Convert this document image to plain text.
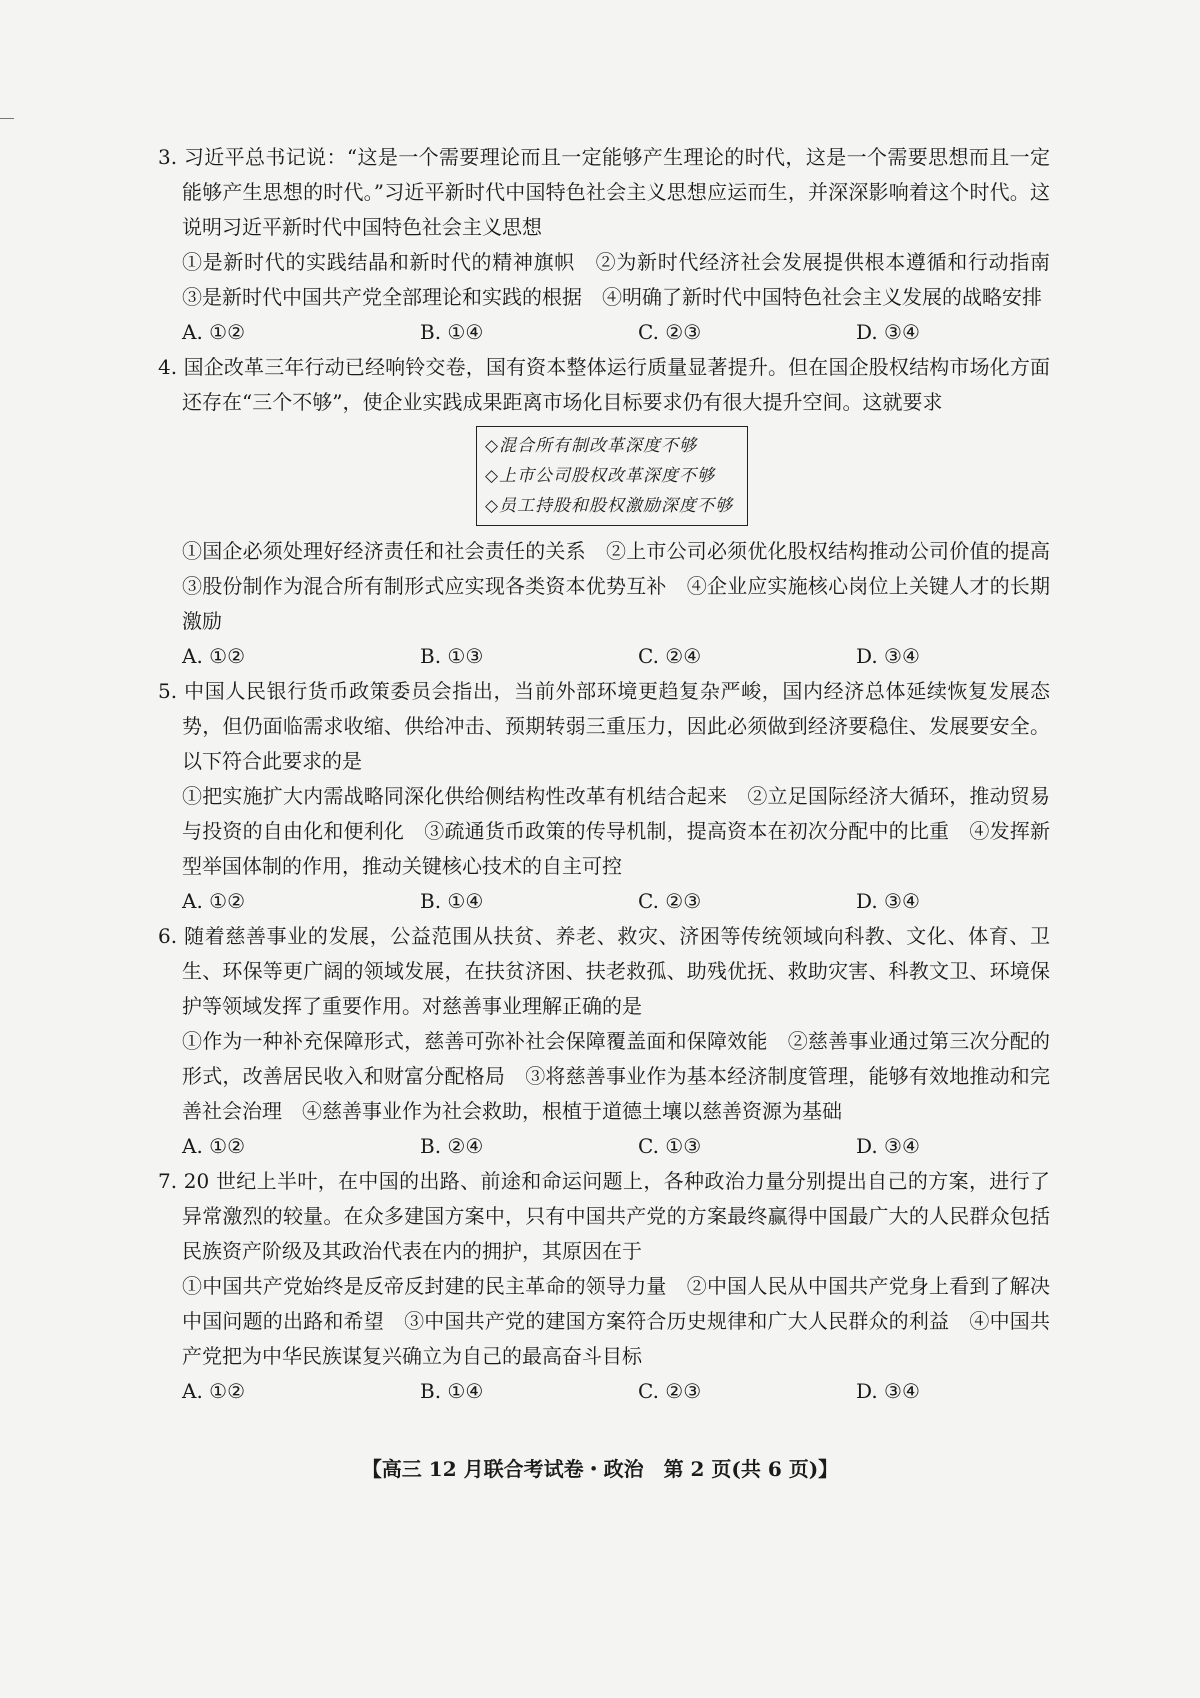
3. 习近平总书记说：“这是一个需要理论而且一定能够产生理论的时代，这是一个需要思想而且一定能够产生思想的时代。”习近平新时代中国特色社会主义思想应运而生，并深深影响着这个时代。这说明习近平新时代中国特色社会主义思想
①是新时代的实践结晶和新时代的精神旗帜　②为新时代经济社会发展提供根本遵循和行动指南　③是新时代中国共产党全部理论和实践的根据　④明确了新时代中国特色社会主义发展的战略安排
A. ①②	B. ①④	C. ②③	D. ③④
4. 国企改革三年行动已经响铃交卷，国有资本整体运行质量显著提升。但在国企股权结构市场化方面还存在“三个不够”，使企业实践成果距离市场化目标要求仍有很大提升空间。这就要求
◇混合所有制改革深度不够
◇上市公司股权改革深度不够
◇员工持股和股权激励深度不够
①国企必须处理好经济责任和社会责任的关系　②上市公司必须优化股权结构推动公司价值的提高　③股份制作为混合所有制形式应实现各类资本优势互补　④企业应实施核心岗位上关键人才的长期激励
A. ①②	B. ①③	C. ②④	D. ③④
5. 中国人民银行货币政策委员会指出，当前外部环境更趋复杂严峻，国内经济总体延续恢复发展态势，但仍面临需求收缩、供给冲击、预期转弱三重压力，因此必须做到经济要稳住、发展要安全。以下符合此要求的是
①把实施扩大内需战略同深化供给侧结构性改革有机结合起来　②立足国际经济大循环，推动贸易与投资的自由化和便利化　③疏通货币政策的传导机制，提高资本在初次分配中的比重　④发挥新型举国体制的作用，推动关键核心技术的自主可控
A. ①②	B. ①④	C. ②③	D. ③④
6. 随着慈善事业的发展，公益范围从扶贫、养老、救灾、济困等传统领域向科教、文化、体育、卫生、环保等更广阔的领域发展，在扶贫济困、扶老救孤、助残优抚、救助灾害、科教文卫、环境保护等领域发挥了重要作用。对慈善事业理解正确的是
①作为一种补充保障形式，慈善可弥补社会保障覆盖面和保障效能　②慈善事业通过第三次分配的形式，改善居民收入和财富分配格局　③将慈善事业作为基本经济制度管理，能够有效地推动和完善社会治理　④慈善事业作为社会救助，根植于道德土壤以慈善资源为基础
A. ①②	B. ②④	C. ①③	D. ③④
7. 20 世纪上半叶，在中国的出路、前途和命运问题上，各种政治力量分别提出自己的方案，进行了异常激烈的较量。在众多建国方案中，只有中国共产党的方案最终赢得中国最广大的人民群众包括民族资产阶级及其政治代表在内的拥护，其原因在于
①中国共产党始终是反帝反封建的民主革命的领导力量　②中国人民从中国共产党身上看到了解决中国问题的出路和希望　③中国共产党的建国方案符合历史规律和广大人民群众的利益　④中国共产党把为中华民族谋复兴确立为自己的最高奋斗目标
A. ①②	B. ①④	C. ②③	D. ③④
【高三 12 月联合考试卷・政治　第 2 页(共 6 页)】
